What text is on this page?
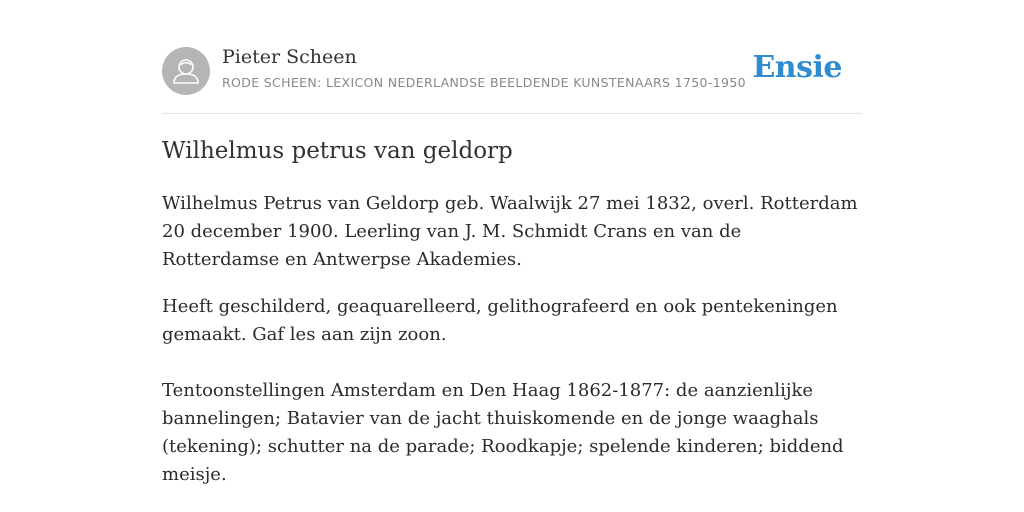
Pieter Scheen
RODE SCHEEN: LEXICON NEDERLANDSE BEELDENDE KUNSTENAARS 1750-1950 Ensie
Wilhelmus petrus van geldorp

Wilhelmus Petrus van Geldorp geb. Waalwijk 27 mei 1832, overl. Rotterdam 20 december 1900. Leerling van J. M. Schmidt Crans en van de Rotterdamse en Antwerpse Akademies.

Heeft geschilderd, geaquarelleerd, gelithografeerd en ook pentekeningen gemaakt. Gaf les aan zijn zoon.

Tentoonstellingen Amsterdam en Den Haag 1862-1877: de aanzienlijke bannelingen; Batavier van de jacht thuiskomende en de jonge waaghals (tekening); schutter na de parade; Roodkapje; spelende kinderen; biddend meisje.
